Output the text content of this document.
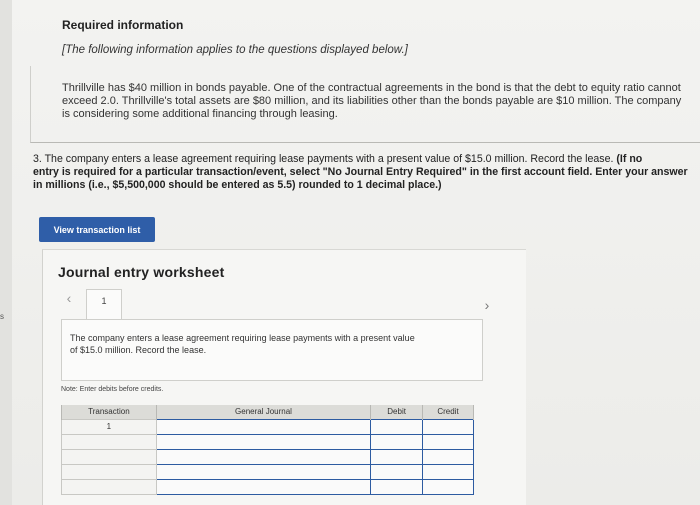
s
Required information
[The following information applies to the questions displayed below.]
Thrillville has $40 million in bonds payable. One of the contractual agreements in the bond is that the debt to equity ratio cannot exceed 2.0. Thrillville's total assets are $80 million, and its liabilities other than the bonds payable are $10 million. The company is considering some additional financing through leasing.
3. The company enters a lease agreement requiring lease payments with a present value of $15.0 million. Record the lease. (If no
entry is required for a particular transaction/event, select "No Journal Entry Required" in the first account field. Enter your answer
in millions (i.e., $5,500,000 should be entered as 5.5) rounded to 1 decimal place.)
View transaction list
Journal entry worksheet
‹	1	›
The company enters a lease agreement requiring lease payments with a present value of $15.0 million. Record the lease.
Note: Enter debits before credits.
Transaction	General Journal	Debit	Credit
1			
